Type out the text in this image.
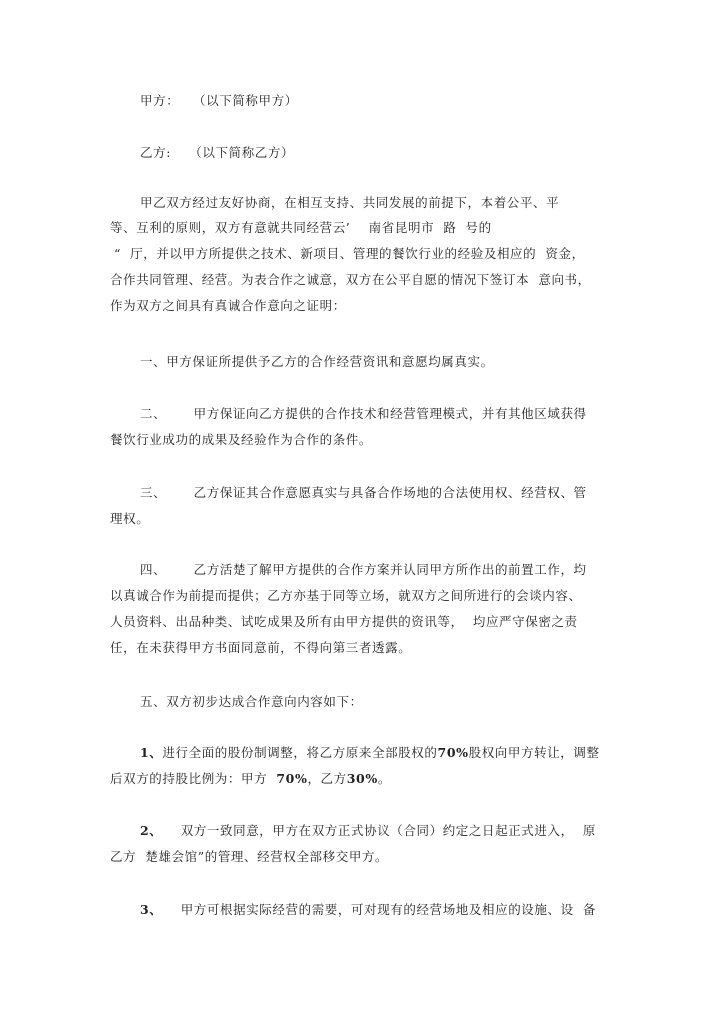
甲方：   （以下简称甲方）
乙方:    （以下简称乙方）
甲乙双方经过友好协商，在相互支持、共同发展的前提下，本着公平、平
等、互利的原则，双方有意就共同经营云’    南省昆明市  路  号的
“  厅，并以甲方所提供之技术、新项目、管理的餐饮行业的经验及相应的  资金，
合作共同管理、经营。为表合作之诚意，双方在公平自愿的情况下签订本  意向书，
作为双方之间具有真诚合作意向之证明：
一、甲方保证所提供予乙方的合作经营资讯和意愿均属真实。
二、      甲方保证向乙方提供的合作技术和经营管理模式，并有其他区域获得
餐饮行业成功的成果及经验作为合作的条件。
三、      乙方保证其合作意愿真实与具备合作场地的合法使用权、经营权、管
理权。
四、      乙方活楚了解甲方提供的合作方案并认同甲方所作出的前置工作，均
以真诚合作为前提而提供；乙方亦基于同等立场，就双方之间所进行的会谈内容、
人员资料、出品种类、试吃成果及所有由甲方提供的资讯等，  均应严守保密之责
任，在未获得甲方书面同意前，不得向第三者透露。
五、双方初步达成合作意向内容如下：
1、进行全面的股份制调整，将乙方原来全部股权的70%股权向甲方转让，调整
后双方的持股比例为：甲方  70%，乙方30%。
2、    双方一致同意，甲方在双方正式协议（合同）约定之日起正式进入，  原
乙方  楚雄会馆”的管理、经营权全部移交甲方。
3、    甲方可根据实际经营的需要，可对现有的经营场地及相应的设施、设  备
